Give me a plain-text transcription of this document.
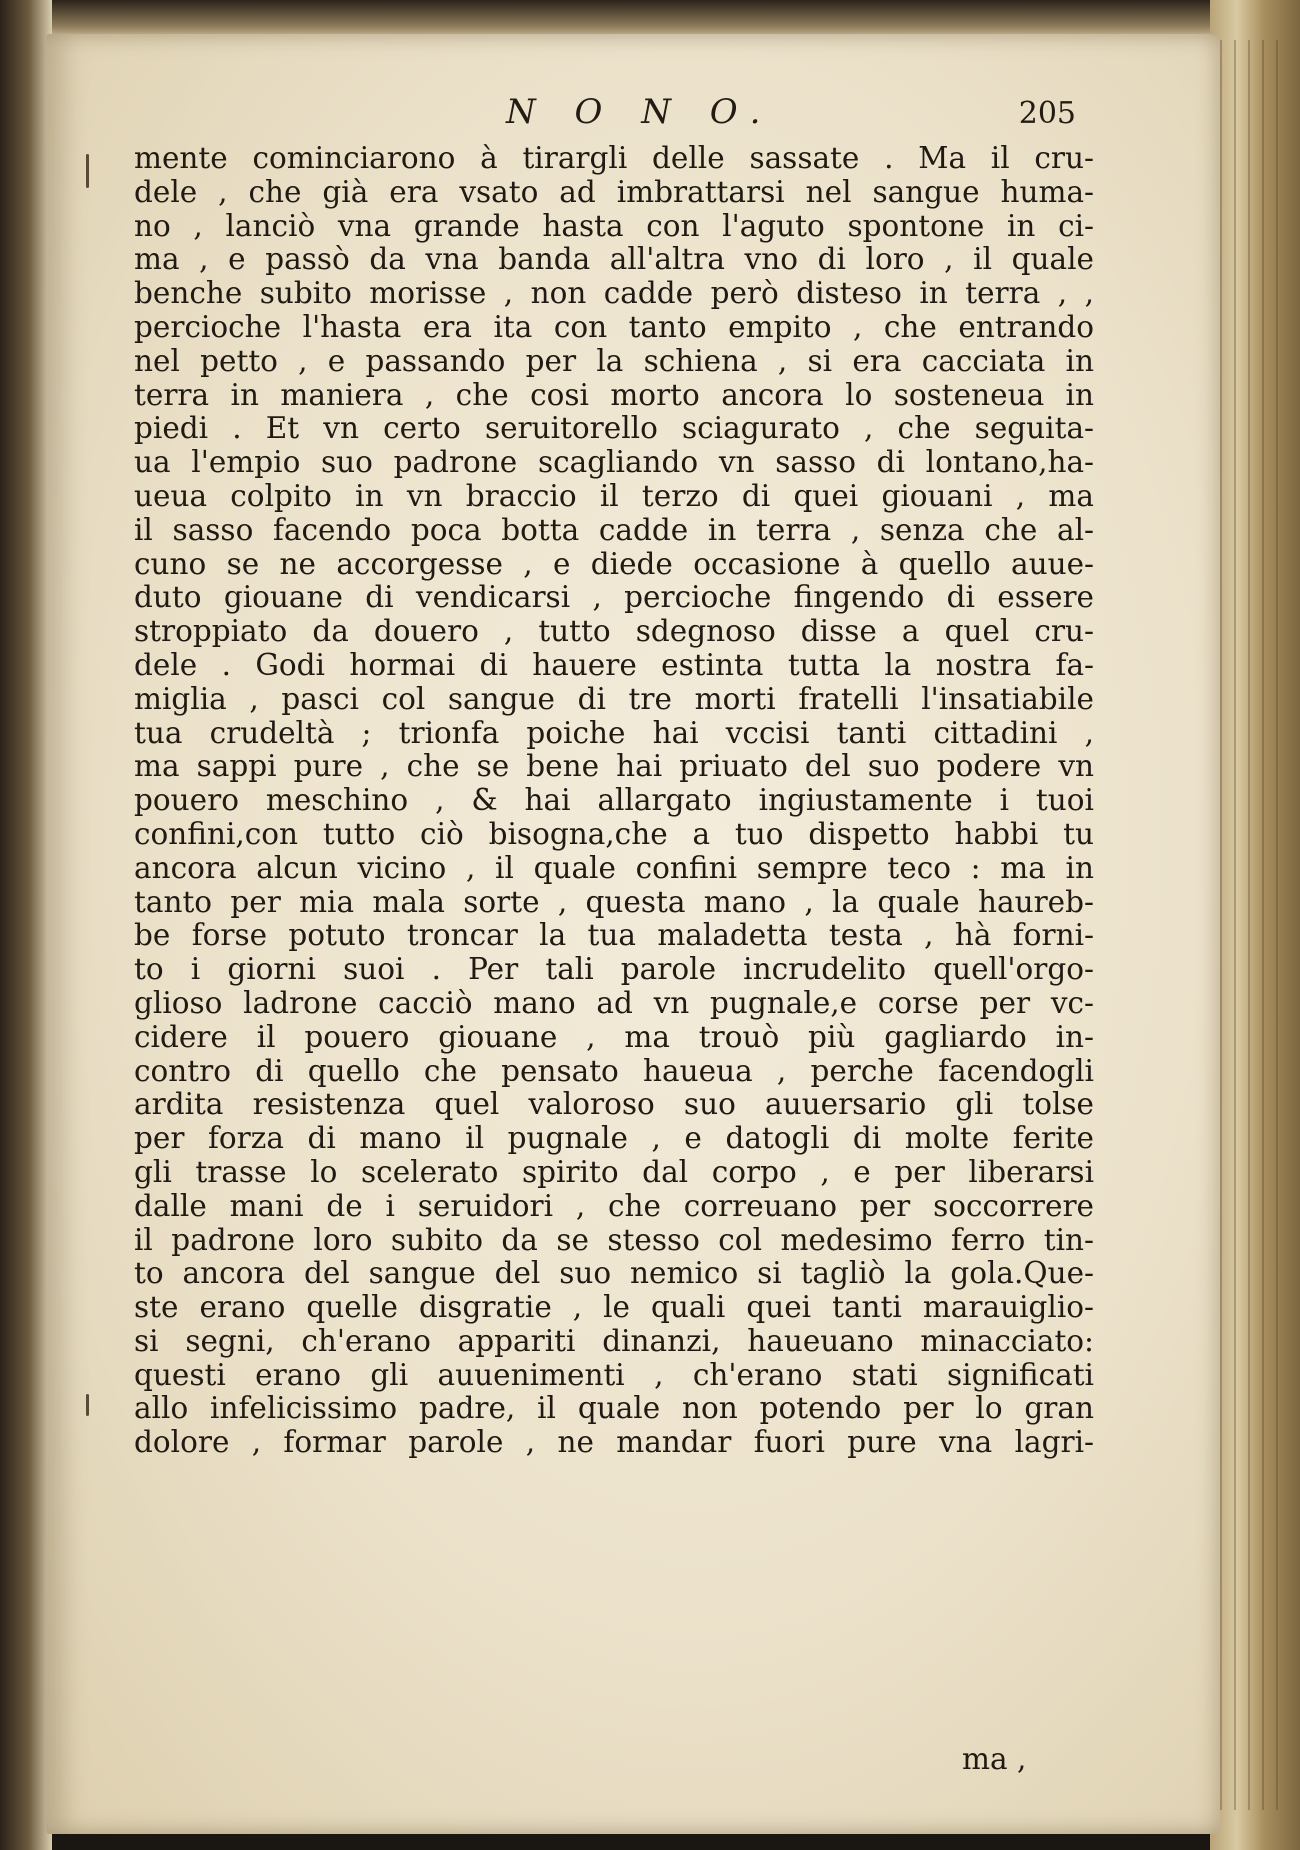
N O N O.	205
mente cominciarono à tirargli delle sassate . Ma il cru-
dele , che già era vsato ad imbrattarsi nel sangue huma-
no , lanciò vna grande hasta con l'aguto spontone in ci-
ma , e passò da vna banda all'altra vno di loro , il quale
benche subito morisse , non cadde però disteso in terra , ,
percioche l'hasta era ita con tanto empito , che entrando
nel petto , e passando per la schiena , si era cacciata in
terra in maniera , che cosi morto ancora lo sosteneua in
piedi . Et vn certo seruitorello sciagurato , che seguita-
ua l'empio suo padrone scagliando vn sasso di lontano,ha-
ueua colpito in vn braccio il terzo di quei giouani , ma
il sasso facendo poca botta cadde in terra , senza che al-
cuno se ne accorgesse , e diede occasione à quello auue-
duto giouane di vendicarsi , percioche fingendo di essere
stroppiato da douero , tutto sdegnoso disse a quel cru-
dele . Godi hormai di hauere estinta tutta la nostra fa-
miglia , pasci col sangue di tre morti fratelli l'insatiabile
tua crudeltà ; trionfa poiche hai vccisi tanti cittadini ,
ma sappi pure , che se bene hai priuato del suo podere vn
pouero meschino , & hai allargato ingiustamente i tuoi
confini,con tutto ciò bisogna,che a tuo dispetto habbi tu
ancora alcun vicino , il quale confini sempre teco : ma in
tanto per mia mala sorte , questa mano , la quale haureb-
be forse potuto troncar la tua maladetta testa , hà forni-
to i giorni suoi . Per tali parole incrudelito quell'orgo-
glioso ladrone cacciò mano ad vn pugnale,e corse per vc-
cidere il pouero giouane , ma trouò più gagliardo in-
contro di quello che pensato haueua , perche facendogli
ardita resistenza quel valoroso suo auuersario gli tolse
per forza di mano il pugnale , e datogli di molte ferite
gli trasse lo scelerato spirito dal corpo , e per liberarsi
dalle mani de i seruidori , che correuano per soccorrere
il padrone loro subito da se stesso col medesimo ferro tin-
to ancora del sangue del suo nemico si tagliò la gola.Que-
ste erano quelle disgratie , le quali quei tanti marauiglio-
si segni, ch'erano appariti dinanzi, haueuano minacciato:
questi erano gli auuenimenti , ch'erano stati significati
allo infelicissimo padre, il quale non potendo per lo gran
dolore , formar parole , ne mandar fuori pure vna lagri-
ma ,
